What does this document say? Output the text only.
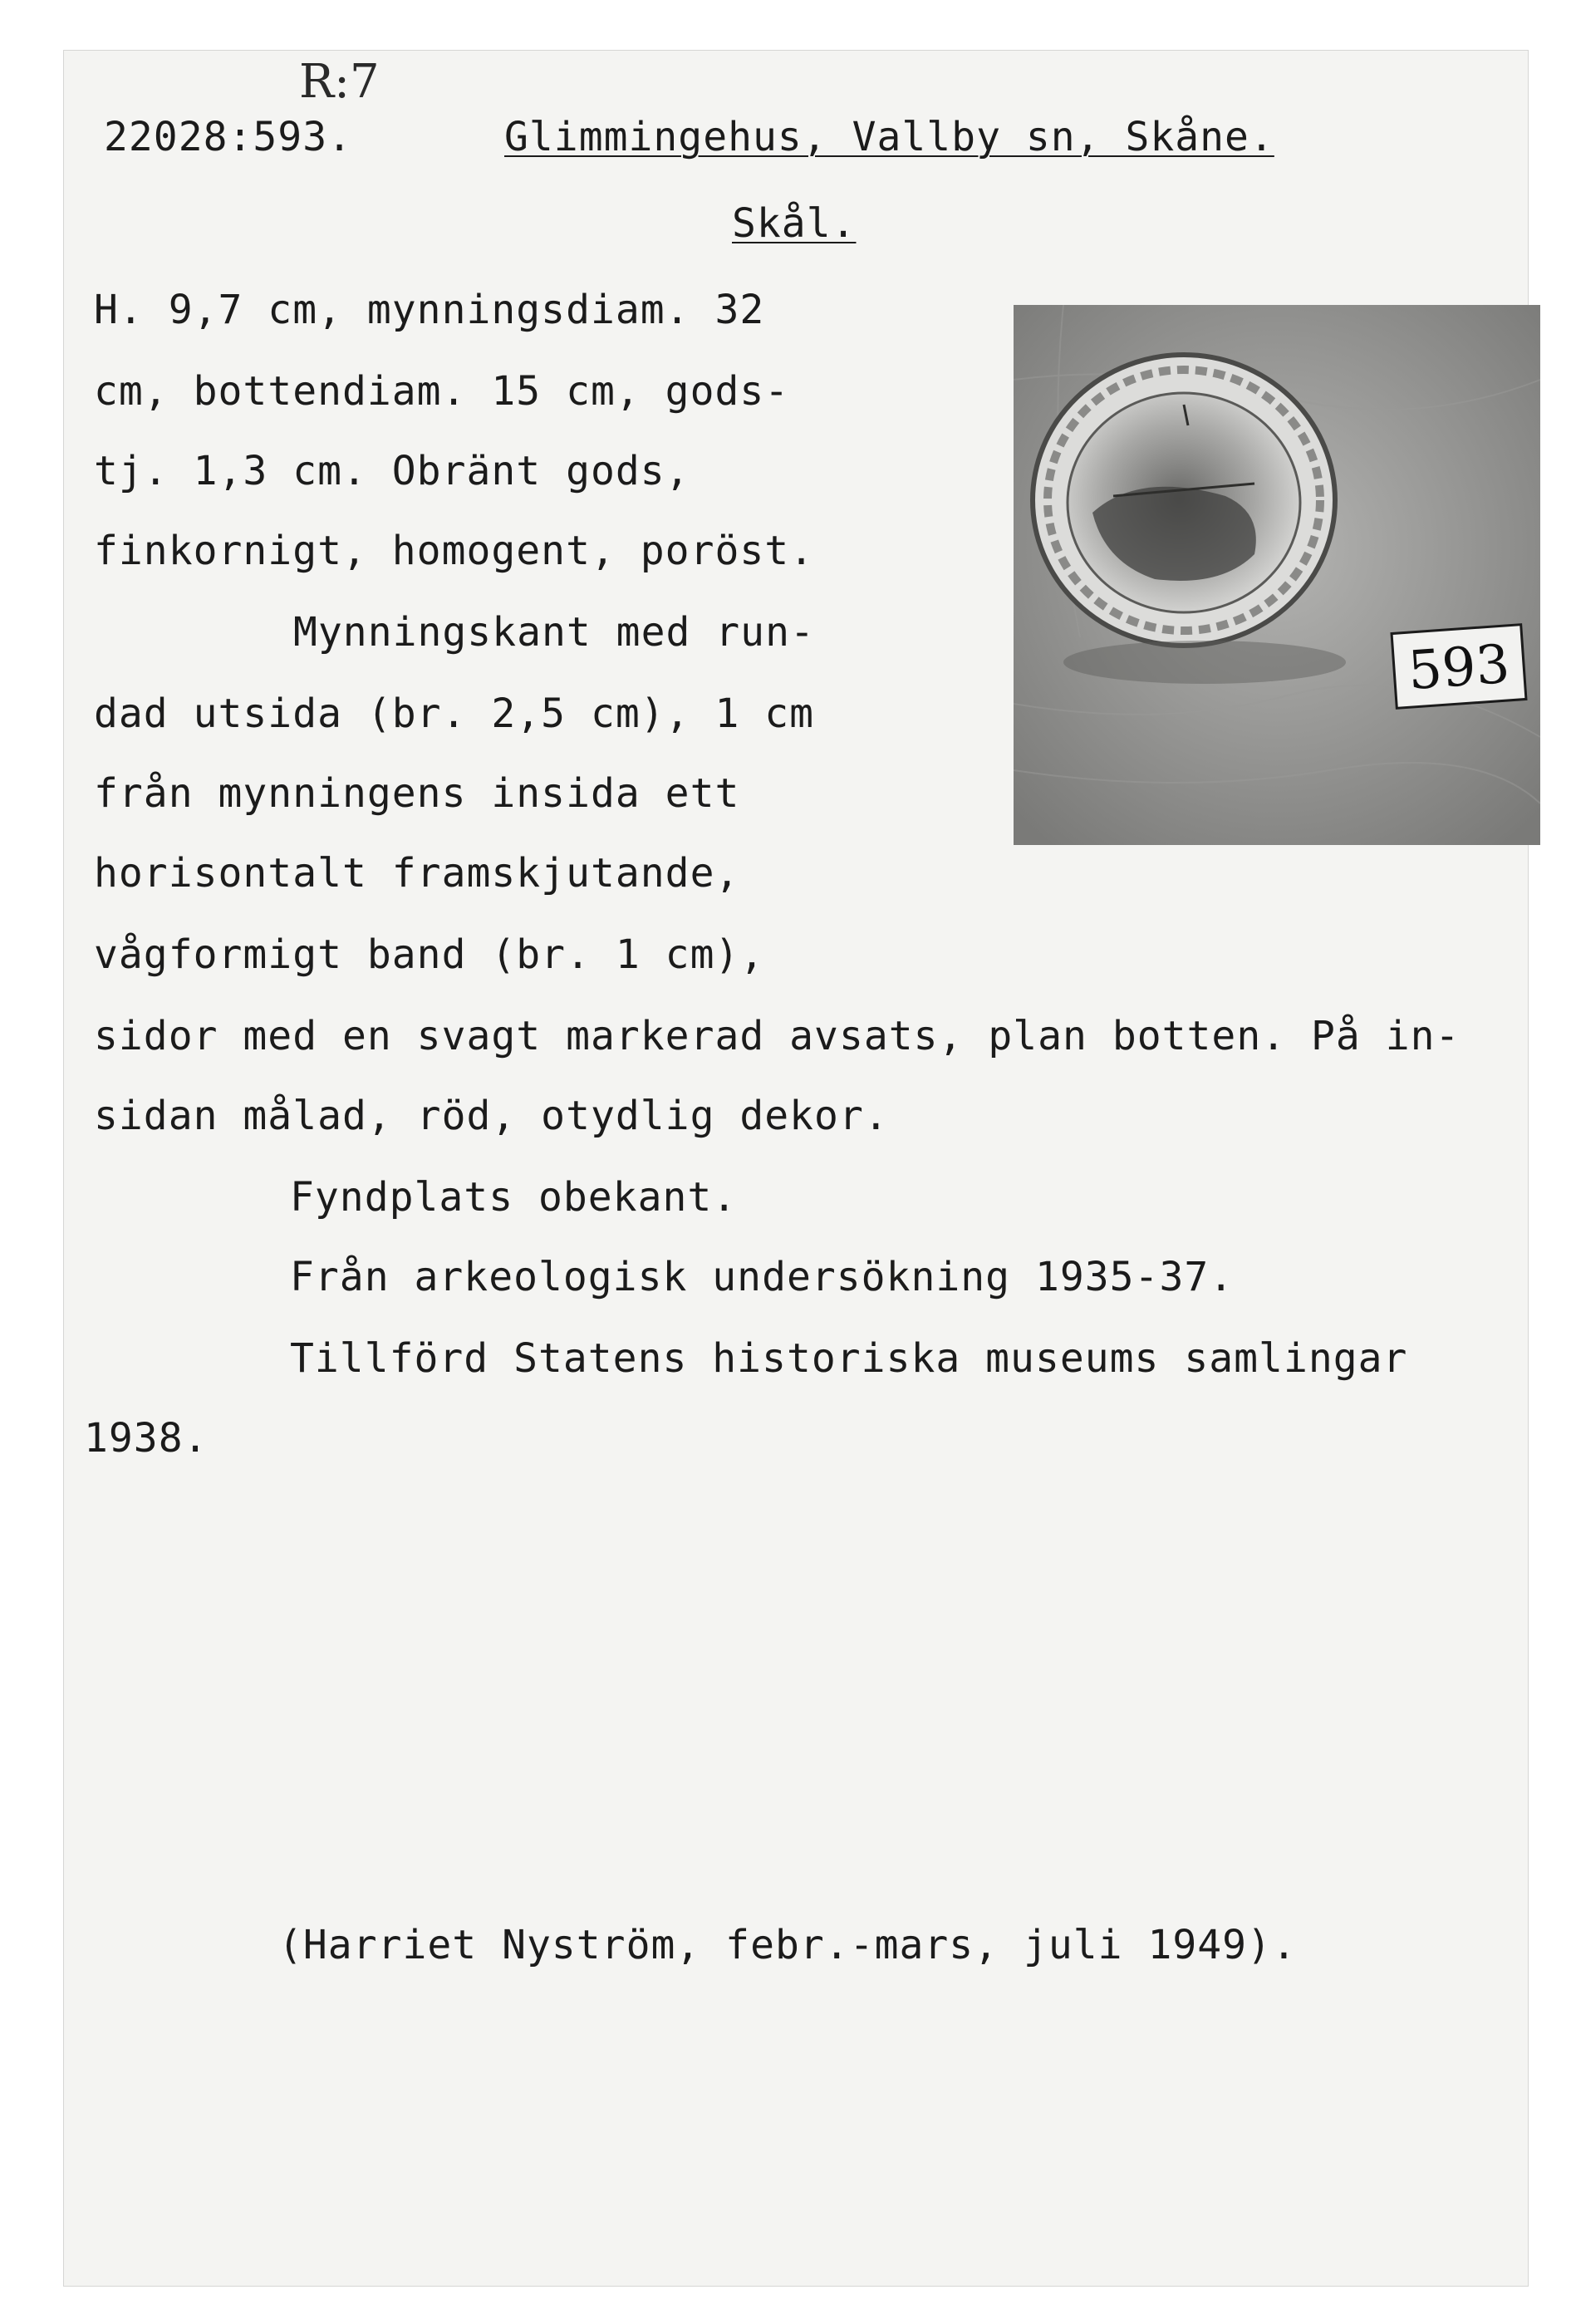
R:7
22028:593.	Glimmingehus, Vallby sn, Skåne.
Skål.
H. 9,7 cm, mynningsdiam. 32
cm, bottendiam. 15 cm, gods-
tj. 1,3 cm. Obränt gods,
finkornigt, homogent, poröst.
Mynningskant med run-
dad utsida (br. 2,5 cm), 1 cm
från mynningens insida ett
horisontalt framskjutande,
vågformigt band (br. 1 cm),
sidor med en svagt markerad avsats, plan botten. På in-
sidan målad, röd, otydlig dekor.
Fyndplats obekant.
Från arkeologisk undersökning 1935-37.
Tillförd Statens historiska museums samlingar
1938.
(Harriet Nyström, febr.-mars, juli 1949).
593
